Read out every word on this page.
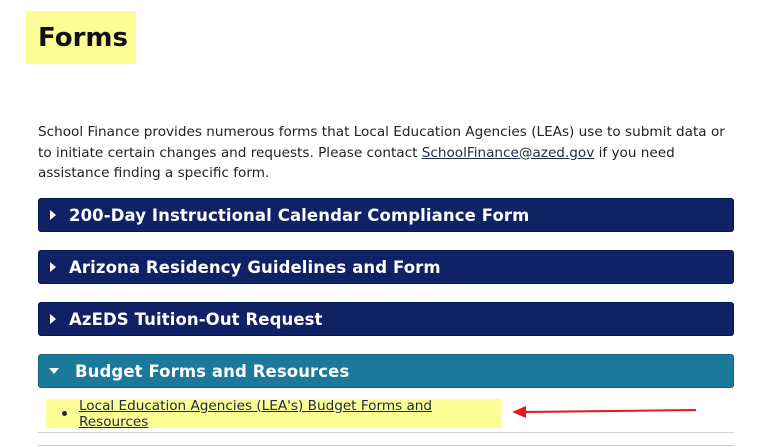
Forms

School Finance provides numerous forms that Local Education Agencies (LEAs) use to submit data or to initiate certain changes and requests. Please contact SchoolFinance@azed.gov if you need assistance finding a specific form.

200-Day Instructional Calendar Compliance Form
Arizona Residency Guidelines and Form
AzEDS Tuition-Out Request
Budget Forms and Resources
Local Education Agencies (LEA's) Budget Forms and Resources
